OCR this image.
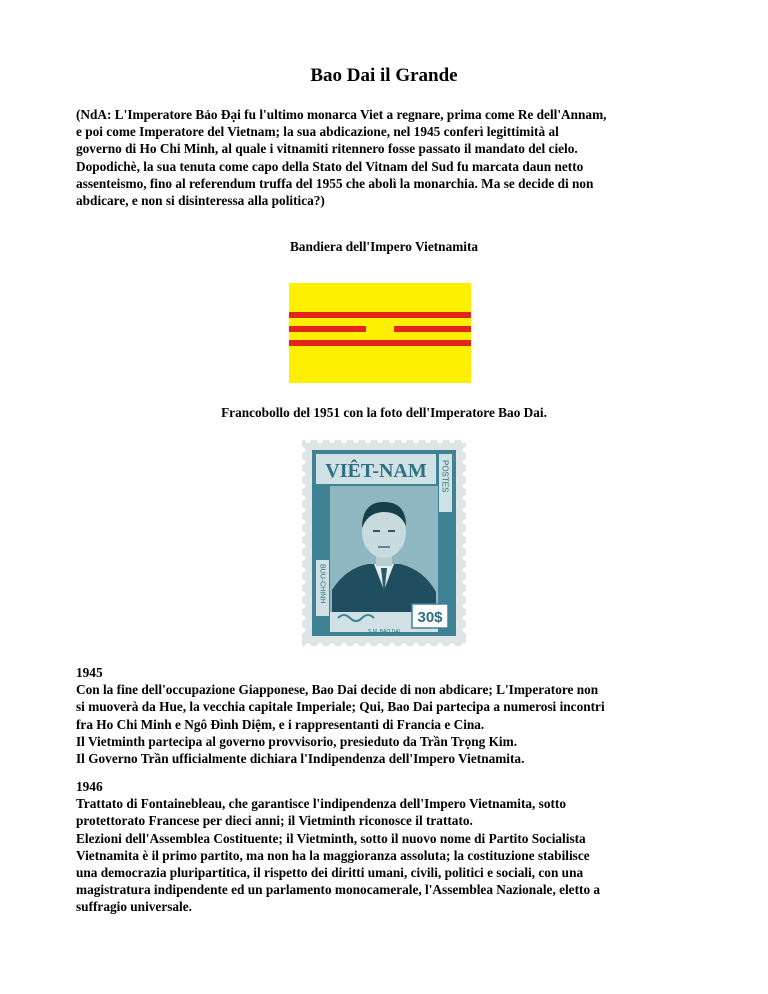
Bao Dai il Grande

(NdA: L'Imperatore Bảo Đại fu l'ultimo monarca Viet a regnare, prima come Re dell'Annam,

e poi come Imperatore del Vietnam; la sua abdicazione, nel 1945 conferì legittimità al

governo di Ho Chi Minh, al quale i vitnamiti ritennero fosse passato il mandato del cielo.

Dopodichè, la sua tenuta come capo della Stato del Vitnam del Sud fu marcata daun netto

assenteismo, fino al referendum truffa del 1955 che abolì la monarchia. Ma se decide di non

abdicare, e non si disinteressa alla politica?)

Bandiera dell'Impero Vietnamita
Francobollo del 1951 con la foto dell'Imperatore Bao Dai.
VIÊT-NAM POSTES
BUU-CHINH
30$
S.M. BAO DAI

1945

Con la fine dell'occupazione Giapponese, Bao Dai decide di non abdicare; L'Imperatore non

si muoverà da Hue, la vecchia capitale Imperiale; Qui, Bao Dai partecipa a numerosi incontri

fra Ho Chi Minh e Ngô Đình Diệm, e i rappresentanti di Francia e Cina.

Il Vietminth partecipa al governo provvisorio, presieduto da Trần Trọng Kim.

Il Governo Trần ufficialmente dichiara l'Indipendenza dell'Impero Vietnamita.

1946

Trattato di Fontainebleau, che garantisce l'indipendenza dell'Impero Vietnamita, sotto

protettorato Francese per dieci anni; il Vietminth riconosce il trattato.

Elezioni dell'Assemblea Costituente; il Vietminth, sotto il nuovo nome di Partito Socialista

Vietnamita è il primo partito, ma non ha la maggioranza assoluta; la costituzione stabilisce

una democrazia pluripartitica, il rispetto dei diritti umani, civili, politici e sociali, con una

magistratura indipendente ed un parlamento monocamerale, l'Assemblea Nazionale, eletto a

suffragio universale.
